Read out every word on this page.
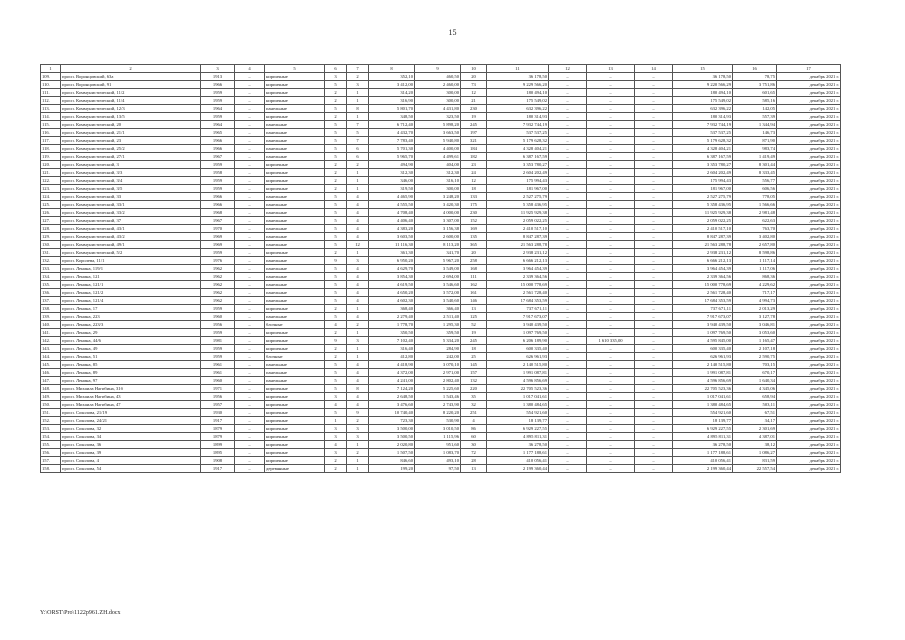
15
1	2	3	4	5	6	7	8	9	10	11	12	13	14	15	16	17
109.	просп. Воронцовский, 63а	1913	–	кирпичные	3	2	352,10	460,50	20	36 178,50	–	–	–	36 178,50	78,75	декабрь 2021 г.
110.	просп. Воронцовский, 91	1966	–	кирпичные	5	3	3 412,00	2 460,00	73	9 229 566,20	–	–	–	9 220 566,29	3 751,86	декабрь 2021 г.
111.	просп. Коммунистический, 11/2	1959	–	кирпичные	2	1	314,20	300,00	12	180 494,10	–	–	–	180 494,10	601,65	декабрь 2021 г.
112.	просп. Коммунистический, 11/4	1959	–	кирпичные	2	1	316,90	300,00	21	175 549,02	–	–	–	175 549,02	585,16	декабрь 2021 г.
113.	просп. Коммунистический, 12/3	1964	–	панельные	5	8	5 801,70	4 431,80	230	632 396,22	–	–	–	632 396,22	142,05	декабрь 2021 г.
114.	просп. Коммунистический, 13/5	1959	–	кирпичные	2	1	348,50	323,50	19	180 314,93	–	–	–	180 314,93	557,39	декабрь 2021 г.
115.	просп. Коммунистический, 20	1964	–	панельные	5	7	6 712,40	5 898,20	245	7 932 744,19	–	–	–	7 932 744,19	1 344,94	декабрь 2021 г.
116.	просп. Коммунистический, 21/1	1965	–	панельные	5	5	4 432,70	3 663,50	197	537 537,25	–	–	–	537 537,25	146,73	декабрь 2021 г.
117.	просп. Коммунистический, 23	1966	–	панельные	5	7	7 783,40	5 940,80	321	5 179 628,32	–	–	–	5 179 628,32	871,90	декабрь 2021 г.
118.	просп. Коммунистический, 25/2	1966	–	панельные	5	6	5 701,30	4 400,00	184	4 328 404,21	–	–	–	4 328 404,21	983,74	декабрь 2021 г.
119.	просп. Коммунистический, 27/1	1967	–	панельные	5	6	5 965,70	4 499,61	182	6 387 167,59	–	–	–	6 387 167,59	1 419,49	декабрь 2021 г.
120.	просп. Коммунистический, 3	1959	–	кирпичные	2	2	494,90	404,00	23	3 353 780,27	–	–	–	3 353 780,27	8 301,44	декабрь 2021 г.
121.	просп. Коммунистический, 3/3	1958	–	кирпичные	2	1	312,30	312,30	24	2 604 202,49	–	–	–	2 604 202,49	8 333,45	декабрь 2021 г.
122.	просп. Коммунистический, 3/4	1959	–	кирпичные	2	1	346,00	316,10	12	175 994,43	–	–	–	175 994,43	556,77	декабрь 2021 г.
123.	просп. Коммунистический, 3/5	1959	–	кирпичные	2	1	319,50	300,00	18	181 967,00	–	–	–	181 967,00	606,56	декабрь 2021 г.
124.	просп. Коммунистический, 33	1966	–	панельные	5	4	4 465,90	3 248,20	133	2 527 275,79	–	–	–	2 527 275,79	778,05	декабрь 2021 г.
125.	просп. Коммунистический, 33/1	1966	–	панельные	5	4	4 555,50	3 420,30	175	5 358 436,95	–	–	–	5 358 436,95	1 566,66	декабрь 2021 г.
126.	просп. Коммунистический, 33/2	1968	–	панельные	5	4	4 708,40	4 000,00	230	11 925 929,38	–	–	–	11 925 929,38	2 981,48	декабрь 2021 г.
127.	просп. Коммунистический, 37	1967	–	панельные	5	4	4 406,40	3 307,00	152	2 059 022,25	–	–	–	2 059 022,25	622,63	декабрь 2021 г.
128.	просп. Коммунистический, 43/1	1970	–	панельные	5	4	4 383,20	3 156,38	169	2 410 517,10	–	–	–	2 410 517,10	763,70	декабрь 2021 г.
129.	просп. Коммунистический, 43/2	1969	–	панельные	5	4	3 603,50	2 600,00	135	8 847 287,39	–	–	–	8 847 287,39	3 402,80	декабрь 2021 г.
130.	просп. Коммунистический, 49/1	1969	–	панельные	5	12	11 116,30	8 113,20	365	21 563 288,78	–	–	–	21 563 288,78	2 657,80	декабрь 2021 г.
131.	просп. Коммунистический, 5/2	1959	–	кирпичные	2	1	361,30	341,70	20	2 938 231,12	–	–	–	2 938 231,12	8 598,86	декабрь 2021 г.
132.	просп. Королева, 11/1	1976	–	панельные	9	3	6 950,20	5 967,20	258	6 666 212,13	–	–	–	6 666 212,13	1 117,14	декабрь 2021 г.
133.	просп. Ленина, 119/1	1962	–	панельные	5	4	4 629,70	3 549,00	168	3 964 454,39	–	–	–	3 964 454,39	1 117,06	декабрь 2021 г.
134.	просп. Ленина, 121	1962	–	панельные	5	4	3 854,30	2 694,00	111	2 339 364,56	–	–	–	2 339 364,56	868,36	декабрь 2021 г.
135.	просп. Ленина, 121/1	1962	–	панельные	5	4	4 619,50	3 546,60	162	15 000 778,69	–	–	–	15 000 778,69	4 229,62	декабрь 2021 г.
136.	просп. Ленина, 121/2	1962	–	панельные	5	4	4 650,20	3 572,00	161	2 561 728,40	–	–	–	2 561 728,40	717,17	декабрь 2021 г.
137.	просп. Ленина, 121/4	1962	–	панельные	5	4	4 602,30	3 540,60	146	17 684 353,59	–	–	–	17 684 353,59	4 994,73	декабрь 2021 г.
138.	просп. Ленина, 17	1959	–	кирпичные	2	1	368,40	366,40	13	737 671,11	–	–	–	737 671,11	2 013,29	декабрь 2021 г.
139.	просп. Ленина, 223	1960	–	панельные	5	4	2 279,40	2 511,40	125	7 917 673,07	–	–	–	7 917 673,07	3 127,78	декабрь 2021 г.
140.	просп. Ленина, 223/3	1956	–	блочные	4	2	1 778,70	1 295,30	52	3 940 439,50	–	–	–	3 940 439,50	3 046,81	декабрь 2021 г.
141.	просп. Ленина, 29	1959	–	кирпичные	2	1	350,50	359,50	19	1 097 769,50	–	–	–	1 097 769,50	3 053,60	декабрь 2021 г.
142.	просп. Ленина, 44/6	1981	–	кирпичные	9	3	7 102,40	5 334,20	245	6 206 189,90	–	1 610 335,00	–	4 595 845,00	1 165,47	декабрь 2021 г.
143.	просп. Ленина, 49	1959	–	кирпичные	2	1	316,40	284,90	18	600 335,40	–	–	–	600 335,40	2 107,18	декабрь 2021 г.
144.	просп. Ленина, 51	1959	–	блочные	2	1	412,80	242,00	25	626 961,93	–	–	–	626 961,93	2 590,75	декабрь 2021 г.
145.	просп. Ленина, 85	1961	–	панельные	5	4	4 418,90	3 070,10	145	2 140 515,80	–	–	–	2 140 515,80	703,15	декабрь 2021 г.
146.	просп. Ленина, 89	1961	–	панельные	5	4	4 372,00	2 971,00	157	1 991 087,81	–	–	–	1 991 087,81	670,17	декабрь 2021 г.
147.	просп. Ленина, 97	1960	–	панельные	5	4	4 241,00	2 802,40	132	4 596 856,69	–	–	–	4 596 856,69	1 640,34	декабрь 2021 г.
148.	просп. Михаила Нагибина, 31б	1971	–	кирпичные	5	8	7 124,20	5 225,60	220	22 705 523,36	–	–	–	22 705 523,36	4 345,06	декабрь 2021 г.
149.	просп. Михаила Нагибина, 43	1956	–	кирпичные	3	4	2 648,50	1 543,46	35	1 017 041,61	–	–	–	1 017 041,61	658,94	декабрь 2021 г.
150.	просп. Михаила Нагибина, 47	1957	–	кирпичные	4	4	3 476,60	2 743,90	32	1 380 484,65	–	–	–	1 380 484,65	503,11	декабрь 2021 г.
151.	просп. Соколова, 21/19	1930	–	кирпичные	5	9	10 740,40	8 220,20	251	554 921,60	–	–	–	554 921,60	67,51	декабрь 2021 г.
152.	просп. Соколова, 24/21	1917	–	кирпичные	1	2	723,30	530,90	4	18 139,77	–	–	–	18 139,77	34,17	декабрь 2021 г.
153.	просп. Соколова, 32	1879	–	кирпичные	3	3	3 500,00	3 010,50	86	6 929 227,55	–	–	–	6 929 227,55	2 301,69	декабрь 2021 г.
154.	просп. Соколова, 34	1879	–	кирпичные	3	3	3 500,50	1 115,96	60	4 895 811,31	–	–	–	4 895 811,31	4 387,01	декабрь 2021 г.
155.	просп. Соколова, 36	1899	–	кирпичные	4	1	2 020,80	951,60	30	36 278,50	–	–	–	36 278,50	38,12	декабрь 2021 г.
156.	просп. Соколова, 39	1895	–	кирпичные	3	2	1 507,50	1 083,70	72	1 177 188,61	–	–	–	1 177 188,61	1 086,27	декабрь 2021 г.
157.	просп. Соколова, 4	1908	–	кирпичные	2	1	846,60	493,10	28	410 056,41	–	–	–	410 056,41	831,59	декабрь 2021 г.
158.	просп. Соколова, 54	1917	–	деревянные	2	1	199,20	97,50	13	2 199 360,44	–	–	–	2 199 360,44	22 557,54	декабрь 2021 г.
Y:\ORST\Pro\1122p961.ZH.docx
